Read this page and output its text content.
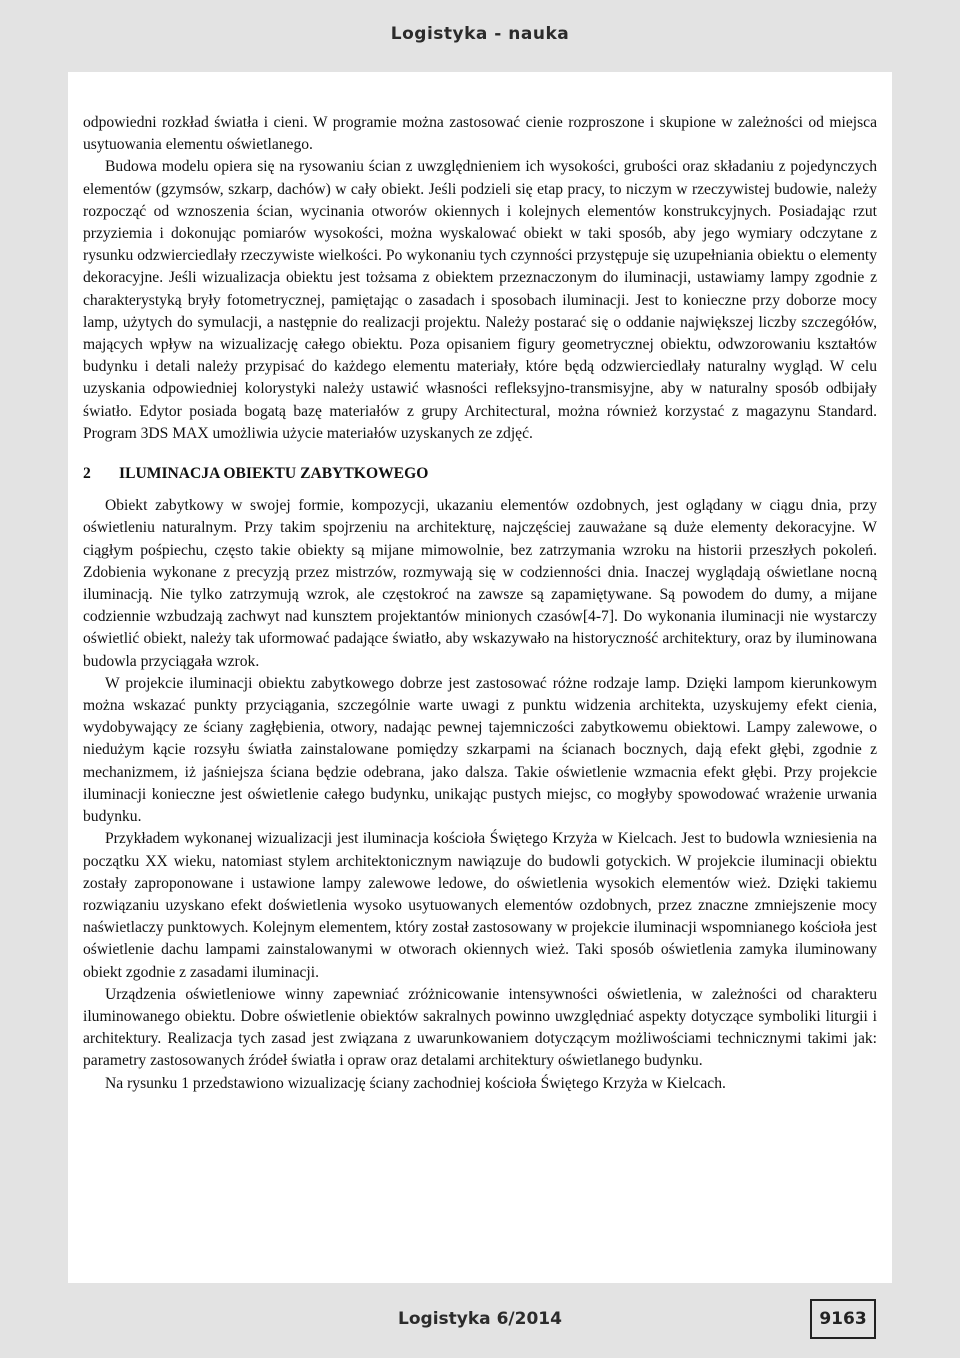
Logistyka - nauka

odpowiedni rozkład światła i cieni. W programie można zastosować cienie rozproszone i skupione w zależności od miejsca usytuowania elementu oświetlanego.

Budowa modelu opiera się na rysowaniu ścian z uwzględnieniem ich wysokości, grubości oraz składaniu z pojedynczych elementów (gzymsów, szkarp, dachów) w cały obiekt. Jeśli podzieli się etap pracy, to niczym w rzeczywistej budowie, należy rozpocząć od wznoszenia ścian, wycinania otworów okiennych i kolejnych elementów konstrukcyjnych. Posiadając rzut przyziemia i dokonując pomiarów wysokości, można wyskalować obiekt w taki sposób, aby jego wymiary odczytane z rysunku odzwierciedlały rzeczywiste wielkości. Po wykonaniu tych czynności przystępuje się uzupełniania obiektu o elementy dekoracyjne. Jeśli wizualizacja obiektu jest tożsama z obiektem przeznaczonym do iluminacji, ustawiamy lampy zgodnie z charakterystyką bryły fotometrycznej, pamiętając o zasadach i sposobach iluminacji. Jest to konieczne przy doborze mocy lamp, użytych do symulacji, a następnie do realizacji projektu. Należy postarać się o oddanie największej liczby szczegółów, mających wpływ na wizualizację całego obiektu. Poza opisaniem figury geometrycznej obiektu, odwzorowaniu kształtów budynku i detali należy przypisać do każdego elementu materiały, które będą odzwierciedlały naturalny wygląd. W celu uzyskania odpowiedniej kolorystyki należy ustawić własności refleksyjno-transmisyjne, aby w naturalny sposób odbijały światło. Edytor posiada bogatą bazę materiałów z grupy Architectural, można również korzystać z magazynu Standard. Program 3DS MAX umożliwia użycie materiałów uzyskanych ze zdjęć.

2	ILUMINACJA OBIEKTU ZABYTKOWEGO

Obiekt zabytkowy w swojej formie, kompozycji, ukazaniu elementów ozdobnych, jest oglądany w ciągu dnia, przy oświetleniu naturalnym. Przy takim spojrzeniu na architekturę, najczęściej zauważane są duże elementy dekoracyjne. W ciągłym pośpiechu, często takie obiekty są mijane mimowolnie, bez zatrzymania wzroku na historii przeszłych pokoleń. Zdobienia wykonane z precyzją przez mistrzów, rozmywają się w codzienności dnia. Inaczej wyglądają oświetlane nocną iluminacją. Nie tylko zatrzymują wzrok, ale częstokroć na zawsze są zapamiętywane. Są powodem do dumy, a mijane codziennie wzbudzają zachwyt nad kunsztem projektantów minionych czasów[4-7]. Do wykonania iluminacji nie wystarczy oświetlić obiekt, należy tak uformować padające światło, aby wskazywało na historyczność architektury, oraz by iluminowana budowla przyciągała wzrok.

W projekcie iluminacji obiektu zabytkowego dobrze jest zastosować różne rodzaje lamp. Dzięki lampom kierunkowym można wskazać punkty przyciągania, szczególnie warte uwagi z punktu widzenia architekta, uzyskujemy efekt cienia, wydobywający ze ściany zagłębienia, otwory, nadając pewnej tajemniczości zabytkowemu obiektowi. Lampy zalewowe, o niedużym kącie rozsyłu światła zainstalowane pomiędzy szkarpami na ścianach bocznych, dają efekt głębi, zgodnie z mechanizmem, iż jaśniejsza ściana będzie odebrana, jako dalsza. Takie oświetlenie wzmacnia efekt głębi. Przy projekcie iluminacji konieczne jest oświetlenie całego budynku, unikając pustych miejsc, co mogłyby spowodować wrażenie urwania budynku.

Przykładem wykonanej wizualizacji jest iluminacja kościoła Świętego Krzyża w Kielcach. Jest to budowla wzniesienia na początku XX wieku, natomiast stylem architektonicznym nawiązuje do budowli gotyckich. W projekcie iluminacji obiektu zostały zaproponowane i ustawione lampy zalewowe ledowe, do oświetlenia wysokich elementów wież. Dzięki takiemu rozwiązaniu uzyskano efekt doświetlenia wysoko usytuowanych elementów ozdobnych, przez znaczne zmniejszenie mocy naświetlaczy punktowych. Kolejnym elementem, który został zastosowany w projekcie iluminacji wspomnianego kościoła jest oświetlenie dachu lampami zainstalowanymi w otworach okiennych wież. Taki sposób oświetlenia zamyka iluminowany obiekt zgodnie z zasadami iluminacji.

Urządzenia oświetleniowe winny zapewniać zróżnicowanie intensywności oświetlenia, w zależności od charakteru iluminowanego obiektu. Dobre oświetlenie obiektów sakralnych powinno uwzględniać aspekty dotyczące symboliki liturgii i architektury. Realizacja tych zasad jest związana z uwarunkowaniem dotyczącym możliwościami technicznymi takimi jak: parametry zastosowanych źródeł światła i opraw oraz detalami architektury oświetlanego budynku.

Na rysunku 1 przedstawiono wizualizację ściany zachodniej kościoła Świętego Krzyża w Kielcach.

Logistyka 6/2014	9163
